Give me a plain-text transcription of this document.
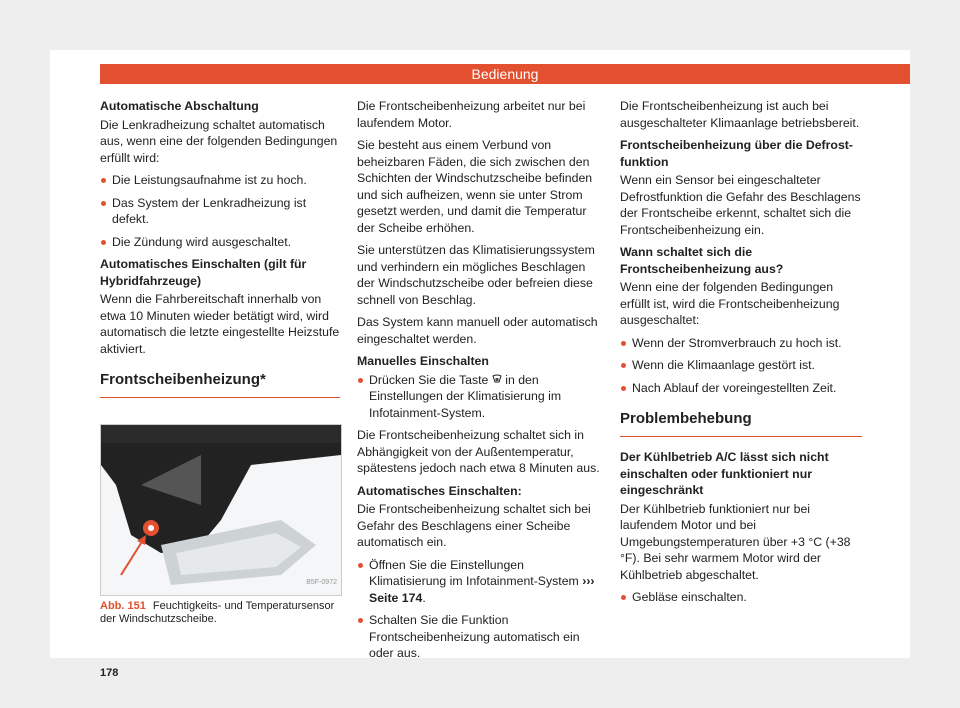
Bedienung
Automatische Abschaltung

Die Lenkradheizung schaltet automatisch aus, wenn eine der folgenden Bedingungen erfüllt wird:

Die Leistungsaufnahme ist zu hoch.
Das System der Lenkradheizung ist defekt.
Die Zündung wird ausgeschaltet.
Automatisches Einschalten (gilt für Hybridfahrzeuge)

Wenn die Fahrbereitschaft innerhalb von etwa 10 Minuten wieder betätigt wird, wird automatisch die letzte eingestellte Heizstufe aktiviert.

Frontscheibenheizung*
B5F-0972
Abb. 151 Feuchtigkeits- und Temperatursensor der Windschutzscheibe.
178

Die Frontscheibenheizung arbeitet nur bei laufendem Motor.

Sie besteht aus einem Verbund von beheizbaren Fäden, die sich zwischen den Schichten der Windschutzscheibe befinden und sich aufheizen, wenn sie unter Strom gesetzt werden, und damit die Temperatur der Scheibe erhöhen.

Sie unterstützen das Klimatisierungssystem und verhindern ein mögliches Beschlagen der Windschutzscheibe oder befreien diese schnell von Beschlag.

Das System kann manuell oder automatisch eingeschaltet werden.

Manuelles Einschalten
Drücken Sie die Taste in den Einstellungen der Klimatisierung im Infotainment-System.

Die Frontscheibenheizung schaltet sich in Abhängigkeit von der Außentemperatur, spätestens jedoch nach etwa 8 Minuten aus.

Automatisches Einschalten:

Die Frontscheibenheizung schaltet sich bei Gefahr des Beschlagens einer Scheibe automatisch ein.

Öffnen Sie die Einstellungen Klimatisierung im Infotainment-System ››› Seite 174.
Schalten Sie die Funktion Frontscheibenheizung automatisch ein oder aus.

Die Frontscheibenheizung ist auch bei ausgeschalteter Klimaanlage betriebsbereit.

Frontscheibenheizung über die Defrost-funktion

Wenn ein Sensor bei eingeschalteter Defrostfunktion die Gefahr des Beschlagens der Frontscheibe erkennt, schaltet sich die Frontscheibenheizung ein.

Wann schaltet sich die Frontscheibenheizung aus?

Wenn eine der folgenden Bedingungen erfüllt ist, wird die Frontscheibenheizung ausgeschaltet:

Wenn der Stromverbrauch zu hoch ist.
Wenn die Klimaanlage gestört ist.
Nach Ablauf der voreingestellten Zeit.
Problembehebung
Der Kühlbetrieb A/C lässt sich nicht einschalten oder funktioniert nur eingeschränkt

Der Kühlbetrieb funktioniert nur bei laufendem Motor und bei Umgebungstemperaturen über +3 °C (+38 °F). Bei sehr warmem Motor wird der Kühlbetrieb abgeschaltet.

Gebläse einschalten.
